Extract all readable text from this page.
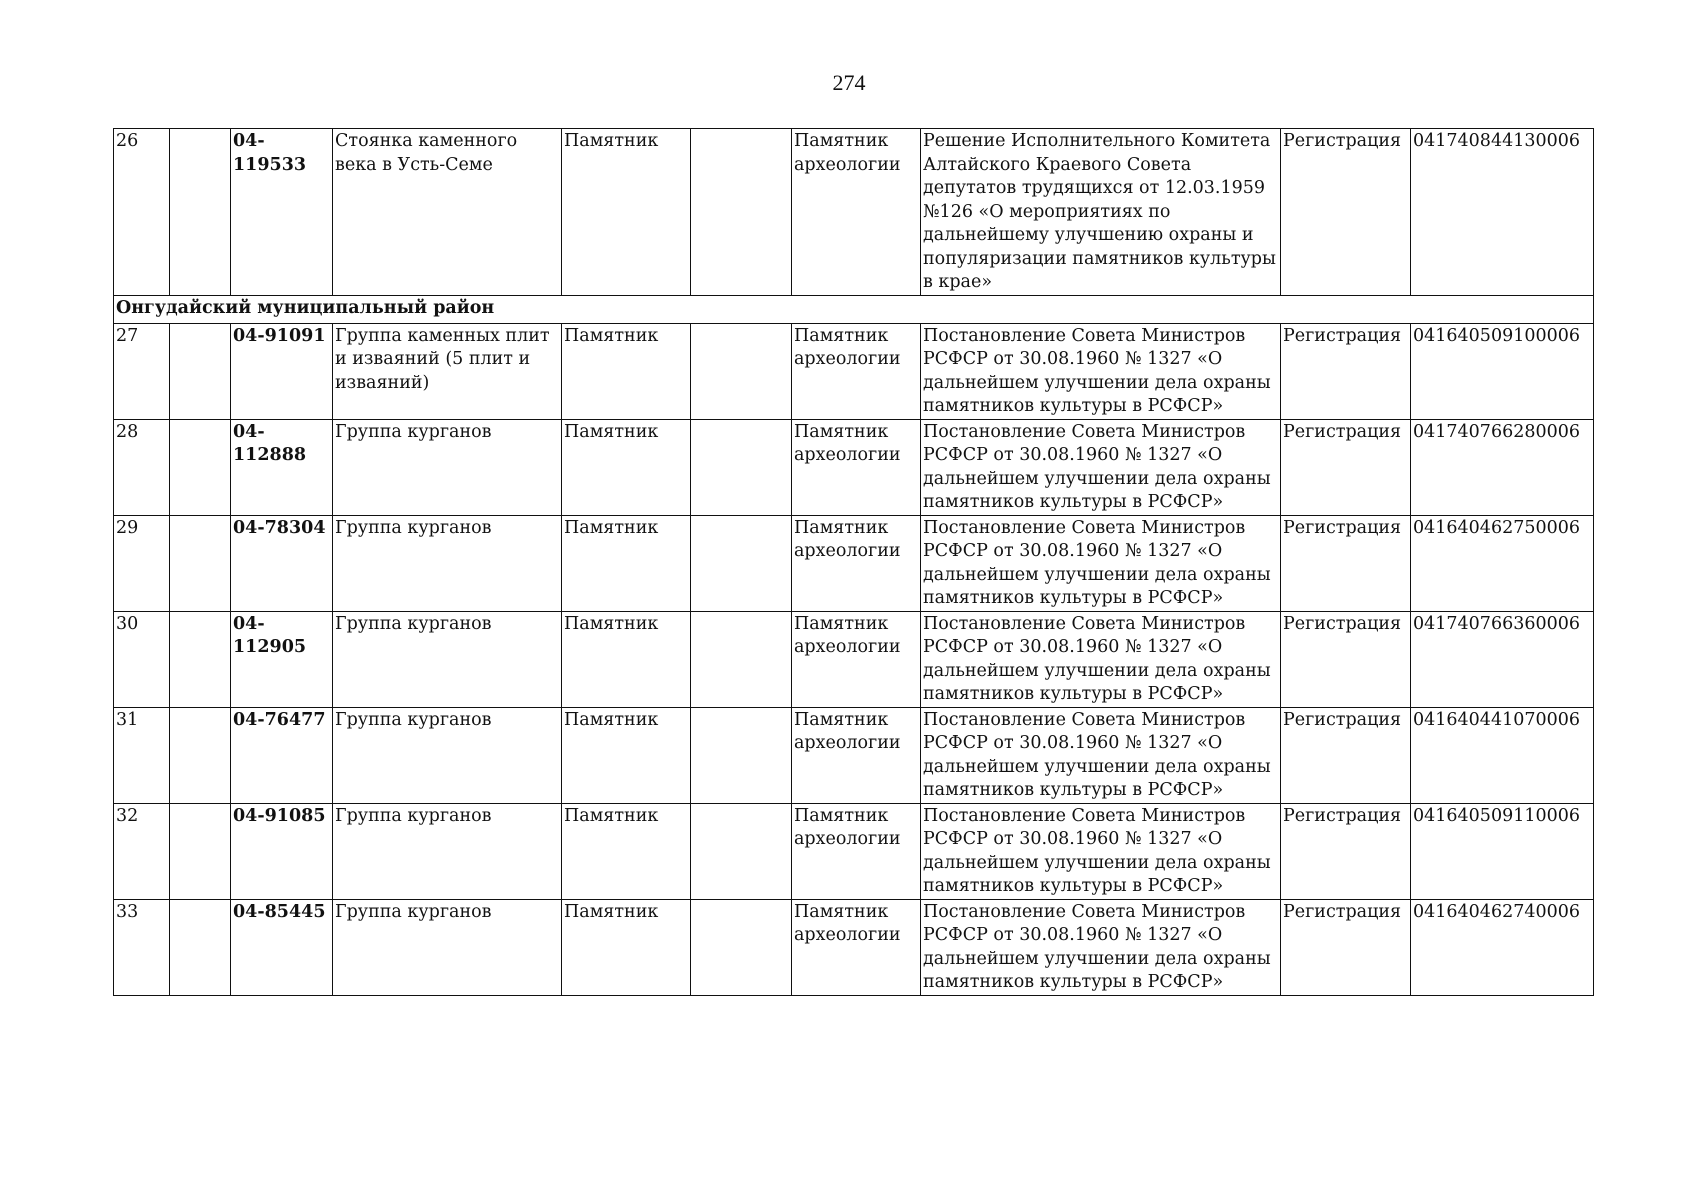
274
26		04-119533	Стоянка каменного века в Усть-Семе	Памятник		Памятник археологии	Решение Исполнительного Комитета Алтайского Краевого Совета депутатов трудящихся от 12.03.1959 №126 «О мероприятиях по дальнейшему улучшению охраны и популяризации памятников культуры в крае»	Регистрация	041740844130006
Онгудайский муниципальный район									
27		04-91091	Группа каменных плит и изваяний (5 плит и изваяний)	Памятник		Памятник археологии	Постановление Совета Министров РСФСР от 30.08.1960 № 1327 «О дальнейшем улучшении дела охраны памятников культуры в РСФСР»	Регистрация	041640509100006
28		04-112888	Группа курганов	Памятник		Памятник археологии	Постановление Совета Министров РСФСР от 30.08.1960 № 1327 «О дальнейшем улучшении дела охраны памятников культуры в РСФСР»	Регистрация	041740766280006
29		04-78304	Группа курганов	Памятник		Памятник археологии	Постановление Совета Министров РСФСР от 30.08.1960 № 1327 «О дальнейшем улучшении дела охраны памятников культуры в РСФСР»	Регистрация	041640462750006
30		04-112905	Группа курганов	Памятник		Памятник археологии	Постановление Совета Министров РСФСР от 30.08.1960 № 1327 «О дальнейшем улучшении дела охраны памятников культуры в РСФСР»	Регистрация	041740766360006
31		04-76477	Группа курганов	Памятник		Памятник археологии	Постановление Совета Министров РСФСР от 30.08.1960 № 1327 «О дальнейшем улучшении дела охраны памятников культуры в РСФСР»	Регистрация	041640441070006
32		04-91085	Группа курганов	Памятник		Памятник археологии	Постановление Совета Министров РСФСР от 30.08.1960 № 1327 «О дальнейшем улучшении дела охраны памятников культуры в РСФСР»	Регистрация	041640509110006
33		04-85445	Группа курганов	Памятник		Памятник археологии	Постановление Совета Министров РСФСР от 30.08.1960 № 1327 «О дальнейшем улучшении дела охраны памятников культуры в РСФСР»	Регистрация	041640462740006
